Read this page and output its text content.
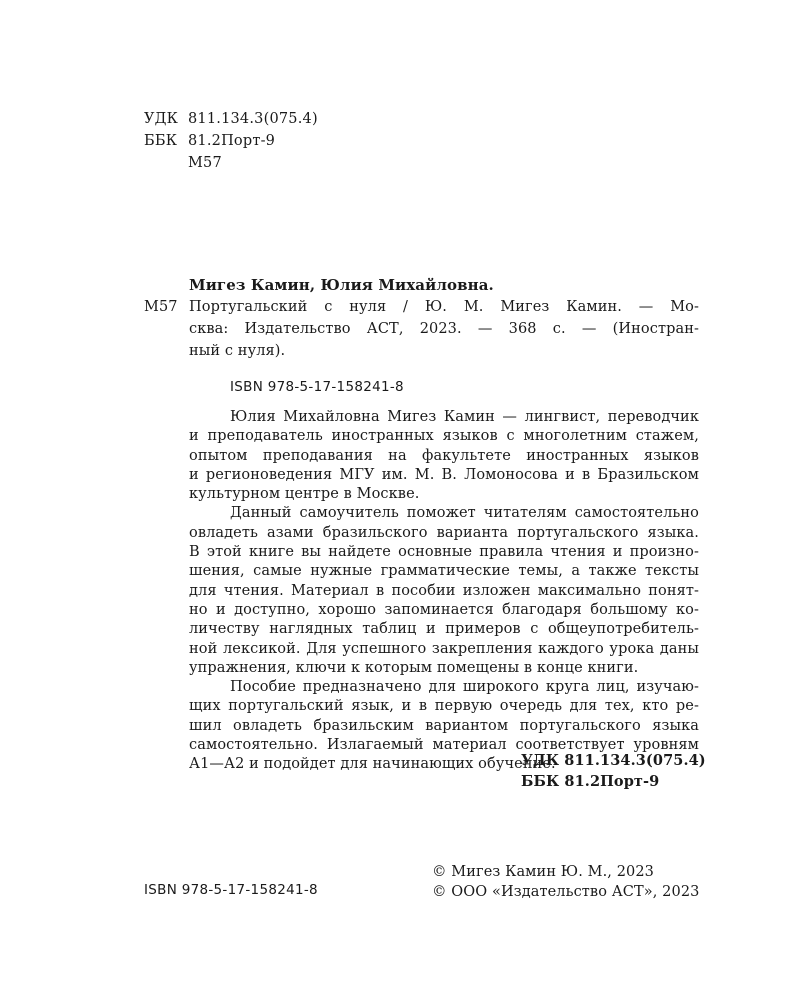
УДК 811.134.3(075.4)
ББК 81.2Порт-9
М57
Мигез Камин, Юлия Михайловна.
М57 Португальский с нуля / Ю. М. Мигез Камин. — Мо-
сква: Издательство АСТ, 2023. — 368 с. — (Иностран-
ный с нуля).
ISBN 978-5-17-158241-8

Юлия Михайловна Мигез Камин — лингвист, переводчик
и преподаватель иностранных языков с многолетним стажем,
опытом преподавания на факультете иностранных языков
и регионоведения МГУ им. М. В. Ломоносова и в Бразильском
культурном центре в Москве.

Данный самоучитель поможет читателям самостоятельно
овладеть азами бразильского варианта португальского языка.
В этой книге вы найдете основные правила чтения и произно-
шения, самые нужные грамматические темы, а также тексты
для чтения. Материал в пособии изложен максимально понят-
но и доступно, хорошо запоминается благодаря большому ко-
личеству наглядных таблиц и примеров с общеупотребитель-
ной лексикой. Для успешного закрепления каждого урока даны
упражнения, ключи к которым помещены в конце книги.

Пособие предназначено для широкого круга лиц, изучаю-
щих португальский язык, и в первую очередь для тех, кто ре-
шил овладеть бразильским вариантом португальского языка
самостоятельно. Излагаемый материал соответствует уровням
А1—А2 и подойдет для начинающих обучение.

УДК 811.134.3(075.4)
ББК 81.2Порт-9
ISBN 978-5-17-158241-8
© Мигез Камин Ю. М., 2023
© ООО «Издательство АСТ», 2023
